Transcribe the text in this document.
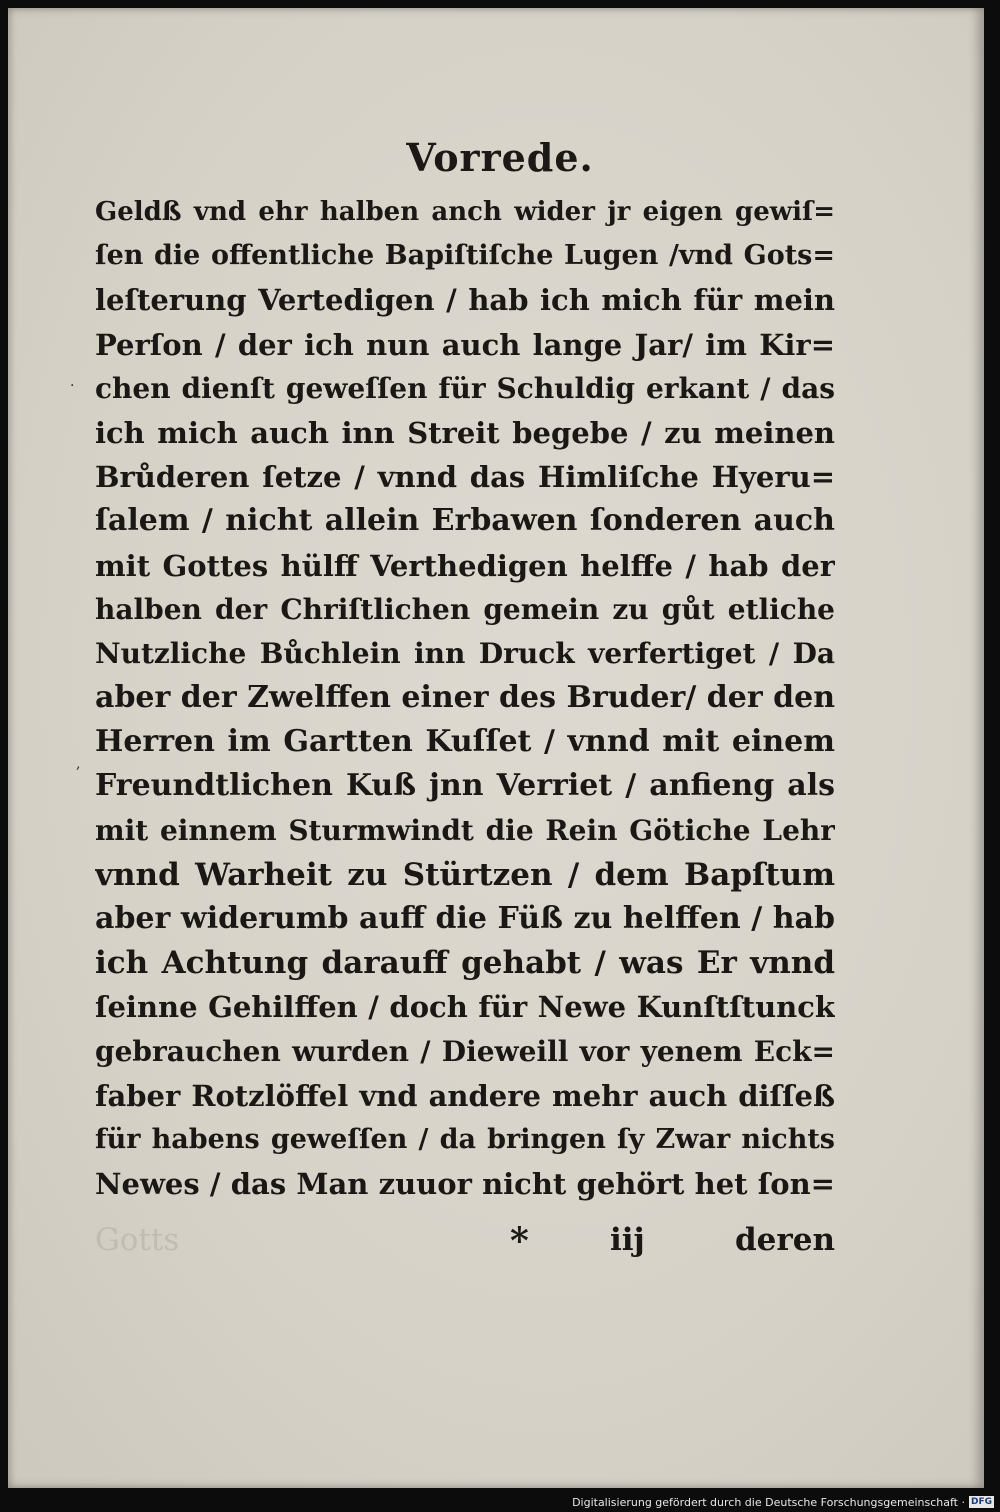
Vorrede.
Geldß vnd ehr halben anch wider jr eigen gewiſ=
ſen die offentliche Bapiſtiſche Lugen /vnd Gots=
leſterung Vertedigen / hab ich mich für mein
Perſon / der ich nun auch lange Jar/ im Kir=
chen dienſt geweſſen für Schuldig erkant / das
ich mich auch inn Streit begebe / zu meinen
Brůderen ſetze / vnnd das Himliſche Hyeru=
ſalem / nicht allein Erbawen ſonderen auch
mit Gottes hülff Verthedigen helffe / hab der
halben der Chriſtlichen gemein zu gůt etliche
Nutzliche Bůchlein inn Druck verfertiget / Da
aber der Zwelffen einer des Bruder/ der den
Herren im Gartten Kuſſet / vnnd mit einem
Freundtlichen Kuß jnn Verriet / anfieng als
mit einnem Sturmwindt die Rein Götiche Lehr
vnnd Warheit zu Stürtzen / dem Bapſtum
aber widerumb auff die Füß zu helffen / hab
ich Achtung darauff gehabt / was Er vnnd
ſeinne Gehilffen / doch für Newe Kunſtſtunck
gebrauchen wurden / Dieweill vor yenem Eck=
faber Rotzlöffel vnd andere mehr auch diſſeß
für habens geweſſen / da bringen ſy Zwar nichts
Newes / das Man zuuor nicht gehört het ſon=
Gotts	*	iij	deren
·
,
Digitalisierung gefördert durch die Deutsche Forschungsgemeinschaft · DFG
